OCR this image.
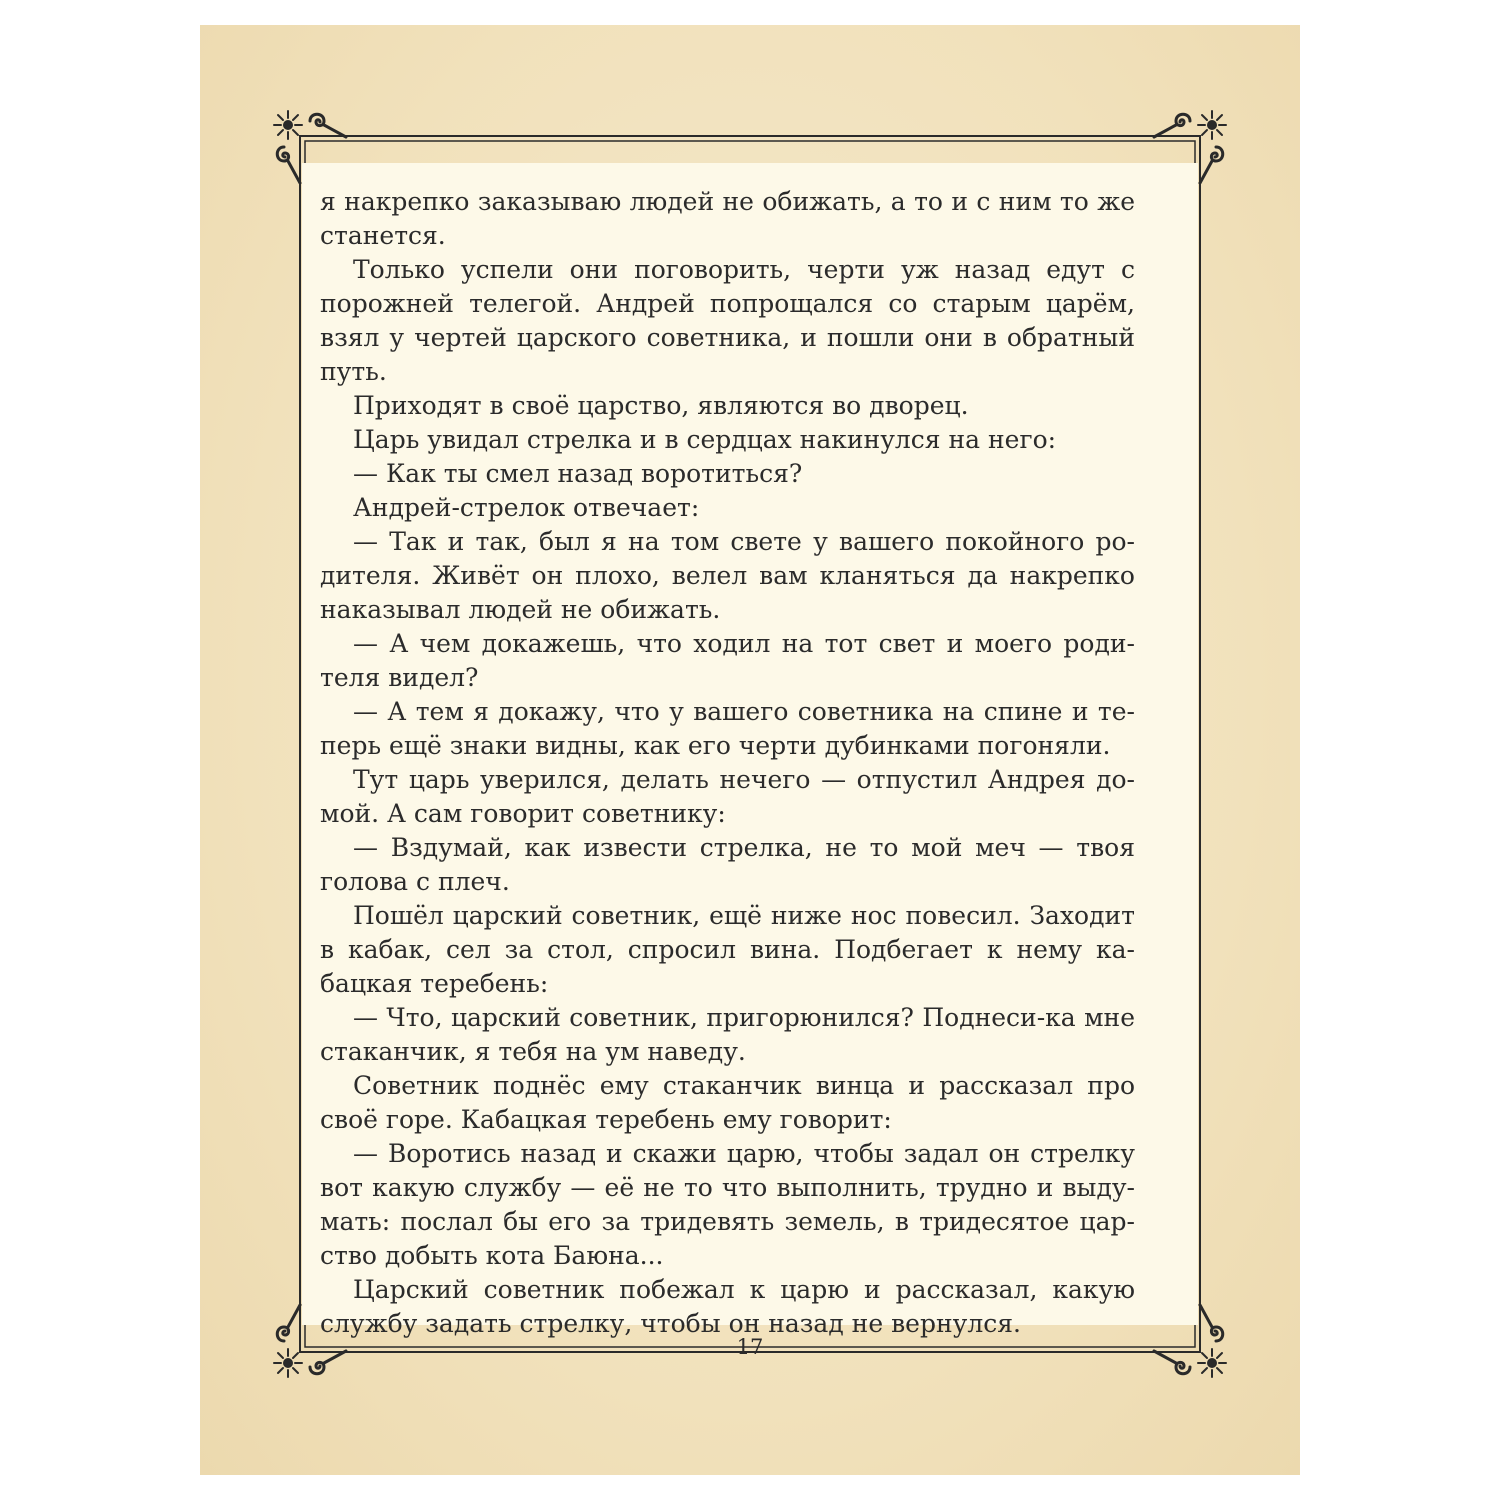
я накрепко заказываю людей не обижать, а то и с ним то же станется.

Только успели они поговорить, черти уж назад едут с порожней телегой. Андрей попрощался со старым царём, взял у чертей царского советника, и пошли они в обратный путь.

Приходят в своё царство, являются во дворец.

Царь увидал стрелка и в сердцах накинулся на него:

— Как ты смел назад воротиться?

Андрей-стрелок отвечает:

— Так и так, был я на том свете у вашего покойного родителя. Живёт он плохо, велел вам кланяться да накрепко наказывал людей не обижать.

— А чем докажешь, что ходил на тот свет и моего родителя видел?

— А тем я докажу, что у вашего советника на спине и теперь ещё знаки видны, как его черти дубинками погоняли.

Тут царь уверился, делать нечего — отпустил Андрея домой. А сам говорит советнику:

— Вздумай, как извести стрелка, не то мой меч — твоя голова с плеч.

Пошёл царский советник, ещё ниже нос повесил. Заходит в кабак, сел за стол, спросил вина. Подбегает к нему кабацкая теребень:

— Что, царский советник, пригорюнился? Поднеси-ка мне стаканчик, я тебя на ум наведу.

Советник поднёс ему стаканчик винца и рассказал про своё горе. Кабацкая теребень ему говорит:

— Воротись назад и скажи царю, чтобы задал он стрелку вот какую службу — её не то что выполнить, трудно и выдумать: послал бы его за тридевять земель, в тридесятое царство добыть кота Баюна...

Царский советник побежал к царю и рассказал, какую службу задать стрелку, чтобы он назад не вернулся.

17
